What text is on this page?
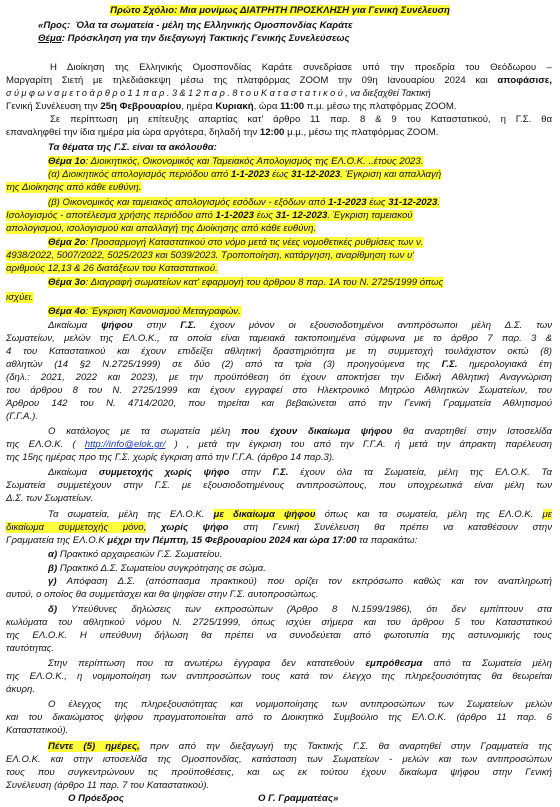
Πρώτο Σχόλιο: Μια μονίμως ΔΙΑΤΡΗΤΗ ΠΡΟΣΚΛΗΣΗ για Γενική Συνέλευση
«Προς: Όλα τα σωματεία - μέλη της Ελληνικής Ομοσπονδίας Καράτε
Θέμα: Πρόσκληση για την διεξαγωγή Τακτικής Γενικής Συνελεύσεως
Η Διοίκηση της Ελληνικής Ομοσπονδίας Καράτε συνεδρίασε υπό την προεδρία του Θεόδωρου –
Μαργαρίτη Σιετή με τηλεδιάσκεψη μέσω της πλατφόρμας ZOOM την 09η Ιανουαρίου 2024 και αποφάσισε,
σ ύ μ φ ω ν α μ ε τ ο ά ρ θ ρ ο 1 1 π α ρ . 3 & 1 2 π α ρ . 8 τ ο υ Κ α τ α σ τ α τ ι κ ο ύ , να διεξαχθεί Τακτική
Γενική Συνέλευση την 25η Φεβρουαρίου, ημέρα Κυριακή, ώρα 11:00 π.μ. μέσω της πλατφόρμας ZOOM.
Σε περίπτωση μη επίτευξης απαρτίας κατ' άρθρο 11 παρ. 8 & 9 του Καταστατικού, η Γ.Σ. θα
επαναληφθεί την ίδια ημέρα μία ώρα αργότερα, δηλαδή την 12:00 μ.μ., μέσω της πλατφόρμας ZOOM.
Τα θέματα της Γ.Σ. είναι τα ακόλουθα:
Θέμα 1ο: Διοικητικός, Οικονομικός και Ταμειακός Απολογισμός της ΕΛ.Ο.Κ. ..έτους 2023.
(α) Διοικητικός απολογισμός περιόδου από 1-1-2023 έως 31-12-2023. Έγκριση και απαλλαγή
της Διοίκησης από κάθε ευθύνη.
(β) Οικονομικός και ταμειακός απολογισμός εσόδων - εξόδων από 1-1-2023 έως 31-12-2023.
Ισολογισμός - αποτέλεσμα χρήσης περιόδου από 1-1-2023 έως 31- 12-2023. Έγκριση ταμειακού
απολογισμού, ισολογισμού και απαλλαγή της Διοίκησης από κάθε ευθύνη.
Θέμα 2ο: Προσαρμογή Καταστατικού στο νόμο μετά τις νέες νομοθετικές ρυθμίσεις των ν.
4938/2022, 5007/2022, 5025/2023 και 5039/2023. Τροποποίηση, κατάργηση, αναρίθμηση των υ'
αριθμούς 12,13 & 26 διατάξεων του Καταστατικού.
Θέμα 3ο: Διαγραφή σωματείων κατ' εφαρμογή του άρθρου 8 παρ. 1Α του Ν. 2725/1999 όπως
ισχύει.
Θέμα 4ο: Έγκριση Κανονισμού Μεταγραφών.
Δικαίωμα ψήφου στην Γ.Σ. έχουν μόνον οι εξουσιοδοτημένοι αντιπρόσωποι μέλη Δ.Σ. των
Σωματείων, μελών της ΕΛ.Ο.Κ., τα οποία είναι ταμειακά τακτοποιημένα σύμφωνα με το άρθρο 7 παρ. 3 &
4 του Καταστατικού και έχουν επιδείξει αθλητική δραστηριότητα με τη συμμετοχή τουλάχιστον οκτώ (8)
αθλητών (14 §2 Ν.2725/1999) σε δύο (2) από τα τρία (3) προηγούμενα της Γ.Σ. ημερολογιακά έτη
(δηλ.: 2021, 2022 και 2023), με την προϋπόθεση ότι έχουν αποκτήσει την Ειδική Αθλητική Αναγνώριση
του άρθρου 8 του Ν. 2725/1999 και έχουν εγγραφεί στο Ηλεκτρονικό Μητρώο Αθλητικών Σωματείων, του
Άρθρου 142 του Ν. 4714/2020, που τηρείται και βεβαιώνεται από την Γενική Γραμματεία Αθλητισμού
(Γ.Γ.Α.).
Ο κατάλογος με τα σωματεία μέλη που έχουν δικαίωμα ψήφου θα αναρτηθεί στην Ιστοσελίδα
της ΕΛ.Ο.Κ. ( http://info@elok.gr/ ) , μετά την έγκριση του από την Γ.Γ.Α. ή μετά την άπρακτη παρέλευση
της 15ης ημέρας προ της Γ.Σ. χωρίς έγκριση από την Γ.Γ.Α. (άρθρο 14 παρ.3).
Δικαίωμα συμμετοχής χωρίς ψήφο στην Γ.Σ. έχουν όλα τα Σωματεία, μέλη της ΕΛ.Ο.Κ. Τα
Σωματεία συμμετέχουν στην Γ.Σ. με εξουσιοδοτημένους αντιπροσώπους, που υποχρεωτικά είναι μέλη των
Δ.Σ. των Σωματείων.
Τα σωματεία, μέλη της ΕΛ.Ο.Κ. με δικαίωμα ψήφου όπως και τα σωματεία, μέλη της ΕΛ.Ο.Κ. με
δικαίωμα συμμετοχής μόνο, χωρίς ψήφο στη Γενική Συνέλευση θα πρέπει να καταθέσουν στην
Γραμματεία της ΕΛ.Ο.Κ μέχρι την Πέμπτη, 15 Φεβρουαρίου 2024 και ώρα 17:00 τα παρακάτω:
α) Πρακτικό αρχαιρεσιών Γ.Σ. Σωματείου.
β) Πρακτικό Δ.Σ. Σωματείου συγκρότησης σε σώμα.
γ) Απόφαση Δ.Σ. (απόσπασμα πρακτικού) που ορίζει τον εκπρόσωπο καθώς και τον αναπληρωτή
αυτού, ο οποίος θα συμμετάσχει και θα ψηφίσει στην Γ.Σ. αυτοπροσώπως.
δ) Υπεύθυνες δηλώσεις των εκπροσώπων (Άρθρο 8 Ν.1599/1986), ότι δεν εμπίπτουν στα
κωλύματα του αθλητικού νόμου Ν. 2725/1999, όπως ισχύει σήμερα και του άρθρου 5 του Καταστατικού
της ΕΛ.Ο.Κ. Η υπεύθυνη δήλωση θα πρέπει να συνοδεύεται από φωτοτυπία της αστυνομικής τους
ταυτότητας.
Στην περίπτωση που τα ανωτέρω έγγραφα δεν κατατεθούν εμπρόθεσμα από τα Σωματεία μέλη
της ΕΛ.Ο.Κ., η νομιμοποίηση των αντιπροσώπων τους κατά τον έλεγχο της πληρεξουσιότητας θα θεωρείται
άκυρη.
Ο έλεγχος της πληρεξουσιότητας και νομιμοποίησης των αντιπροσώπων των Σωματείων μελών
και του δικαιώματος ψήφου πραγματοποιείται από το Διοικητικό Συμβούλιο της ΕΛ.Ο.Κ. (άρθρο 11 παρ. 6
Καταστατικού).
Πέντε (5) ημέρες, πριν από την διεξαγωγή της Τακτικής Γ.Σ. θα αναρτηθεί στην Γραμματεία της
ΕΛ.Ο.Κ. και στην ιστοσελίδα της Ομοσπονδίας, κατάσταση των Σωματείων - μελών και των αντιπροσώπων
τους που συγκεντρώνουν τις προϋποθέσεις, και ως εκ τούτου έχουν δικαίωμα ψήφου στην Γενική
Συνέλευση (άρθρο 11 παρ. 7 του Καταστατικού).
Ο Πρόεδρος	Ο Γ. Γραμματέας»
